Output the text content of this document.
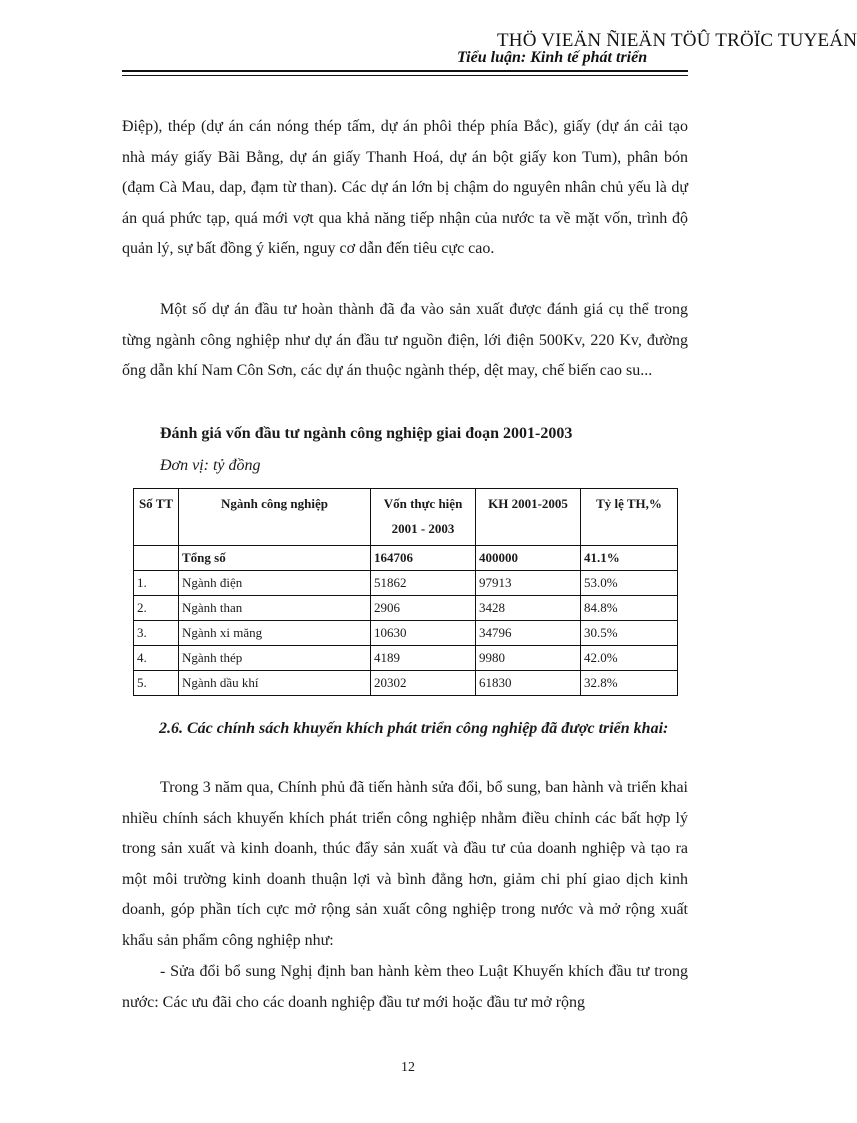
THÖ VIEÄN ÑIEÄN TÖÛ TRÖÏC TUYEÁN
Tiểu luận: Kinh tế phát triển

Điệp), thép (dự án cán nóng thép tấm, dự án phôi thép phía Bắc), giấy (dự án cải tạo nhà máy giấy Bãi Bằng, dự án giấy Thanh Hoá, dự án bột giấy kon Tum), phân bón (đạm Cà Mau, dap, đạm từ than). Các dự án lớn bị chậm do nguyên nhân chủ yếu là dự án quá phức tạp, quá mới vợt qua khả năng tiếp nhận của nước ta về mặt vốn, trình độ quản lý, sự bất đồng ý kiến, nguy cơ dẫn đến tiêu cực cao.

Một số dự án đầu tư hoàn thành đã đa vào sản xuất được đánh giá cụ thể trong từng ngành công nghiệp như dự án đầu tư nguồn điện, lới điện 500Kv, 220 Kv, đường ống dẫn khí Nam Côn Sơn, các dự án thuộc ngành thép, dệt may, chế biến cao su...

Đánh giá vốn đầu tư ngành công nghiệp giai đoạn 2001-2003
Đơn vị: tỷ đồng
Số TT	Ngành công nghiệp	Vốn thực hiện 2001 - 2003	KH 2001-2005	Tỷ lệ TH,%
	Tổng số	164706	400000	41.1%
1.	Ngành điện	51862	97913	53.0%
2.	Ngành than	2906	3428	84.8%
3.	Ngành xi măng	10630	34796	30.5%
4.	Ngành thép	4189	9980	42.0%
5.	Ngành dầu khí	20302	61830	32.8%

2.6. Các chính sách khuyến khích phát triển công nghiệp đã được triển khai:

Trong 3 năm qua, Chính phủ đã tiến hành sửa đổi, bổ sung, ban hành và triển khai nhiều chính sách khuyến khích phát triển công nghiệp nhằm điều chỉnh các bất hợp lý trong sản xuất và kinh doanh, thúc đẩy sản xuất và đầu tư của doanh nghiệp và tạo ra một môi trường kinh doanh thuận lợi và bình đẳng hơn, giảm chi phí giao dịch kinh doanh, góp phần tích cực mở rộng sản xuất công nghiệp trong nước và mở rộng xuất khẩu sản phẩm công nghiệp như:

- Sửa đổi bổ sung Nghị định ban hành kèm theo Luật Khuyến khích đầu tư trong nước: Các ưu đãi cho các doanh nghiệp đầu tư mới hoặc đầu tư mở rộng

12
